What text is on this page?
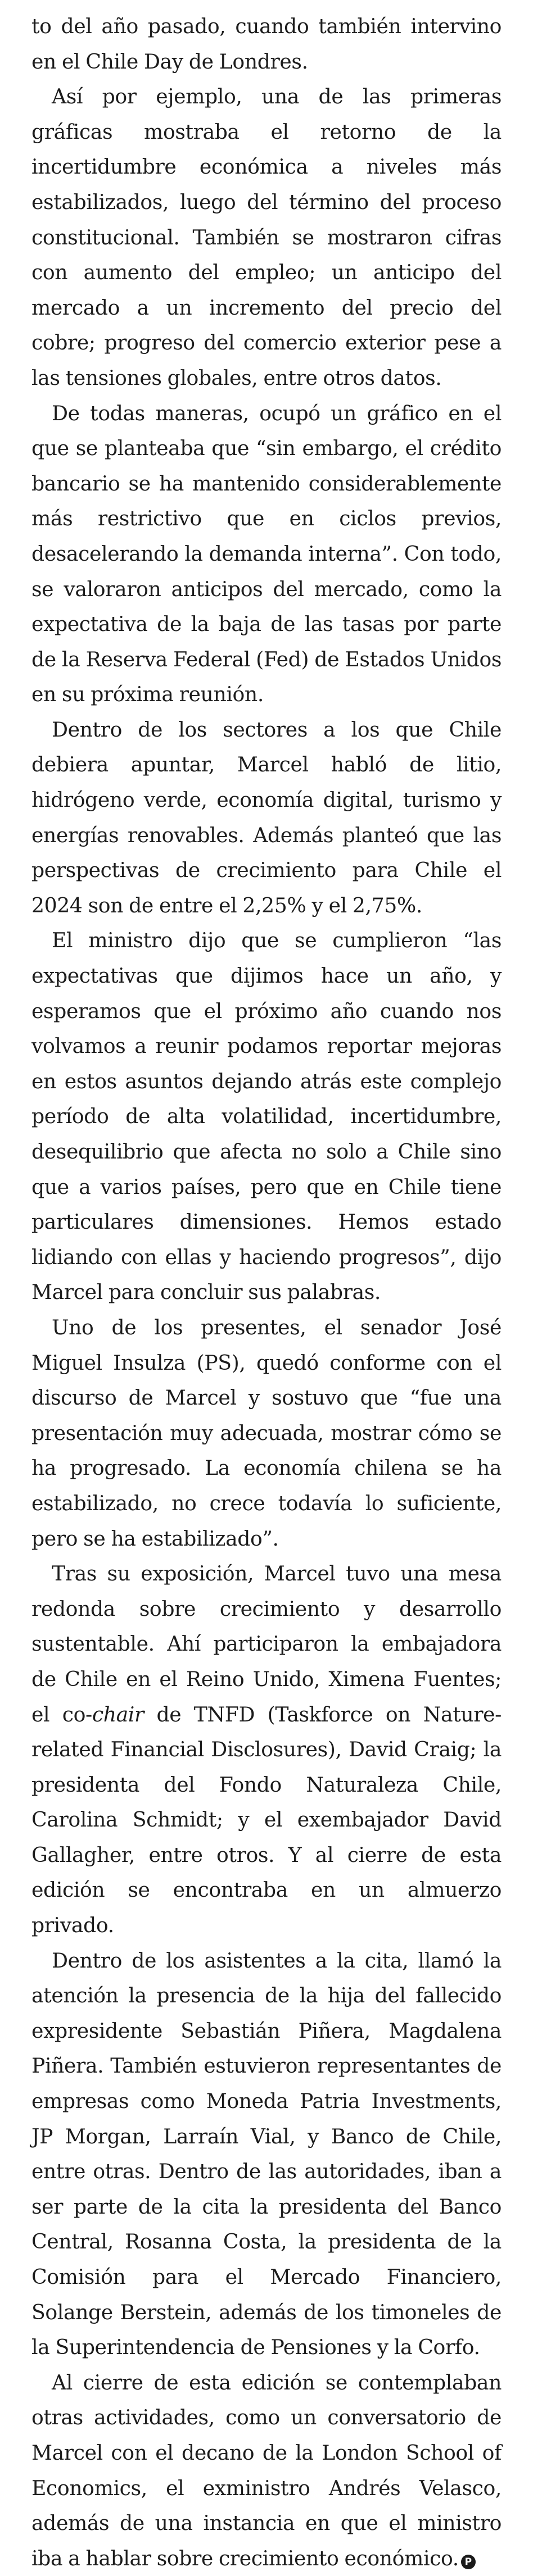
to del año pasado, cuando también intervino en el Chile Day de Londres.

Así por ejemplo, una de las primeras gráficas mostraba el retorno de la incertidumbre económica a niveles más estabilizados, luego del término del proceso constitucional. También se mostraron cifras con aumento del empleo; un anticipo del mercado a un incremento del precio del cobre; progreso del comercio exterior pese a las tensiones globales, entre otros datos.

De todas maneras, ocupó un gráfico en el que se planteaba que “sin embargo, el crédito bancario se ha mantenido considerablemente más restrictivo que en ciclos previos, desacelerando la demanda interna”. Con todo, se valoraron anticipos del mercado, como la expectativa de la baja de las tasas por parte de la Reserva Federal (Fed) de Estados Unidos en su próxima reunión.

Dentro de los sectores a los que Chile debiera apuntar, Marcel habló de litio, hidrógeno verde, economía digital, turismo y energías renovables. Además planteó que las perspectivas de crecimiento para Chile el 2024 son de entre el 2,25% y el 2,75%.

El ministro dijo que se cumplieron “las expectativas que dijimos hace un año, y esperamos que el próximo año cuando nos volvamos a reunir podamos reportar mejoras en estos asuntos dejando atrás este complejo período de alta volatilidad, incertidumbre, desequilibrio que afecta no solo a Chile sino que a varios países, pero que en Chile tiene particulares dimensiones. Hemos estado lidiando con ellas y haciendo progresos”, dijo Marcel para concluir sus palabras.

Uno de los presentes, el senador José Miguel Insulza (PS), quedó conforme con el discurso de Marcel y sostuvo que “fue una presentación muy adecuada, mostrar cómo se ha progresado. La economía chilena se ha estabilizado, no crece todavía lo suficiente, pero se ha estabilizado”.

Tras su exposición, Marcel tuvo una mesa redonda sobre crecimiento y desarrollo sustentable. Ahí participaron la embajadora de Chile en el Reino Unido, Ximena Fuentes; el co-chair de TNFD (Taskforce on Nature-related Financial Disclosures), David Craig; la presidenta del Fondo Naturaleza Chile, Carolina Schmidt; y el exembajador David Gallagher, entre otros. Y al cierre de esta edición se encontraba en un almuerzo privado.

Dentro de los asistentes a la cita, llamó la atención la presencia de la hija del fallecido expresidente Sebastián Piñera, Magdalena Piñera. También estuvieron representantes de empresas como Moneda Patria Investments, JP Morgan, Larraín Vial, y Banco de Chile, entre otras. Dentro de las autoridades, iban a ser parte de la cita la presidenta del Banco Central, Rosanna Costa, la presidenta de la Comisión para el Mercado Financiero, Solange Berstein, además de los timoneles de la Superintendencia de Pensiones y la Corfo.

Al cierre de esta edición se contemplaban otras actividades, como un conversatorio de Marcel con el decano de la London School of Economics, el exministro Andrés Velasco, además de una instancia en que el ministro iba a hablar sobre crecimiento económico. P
